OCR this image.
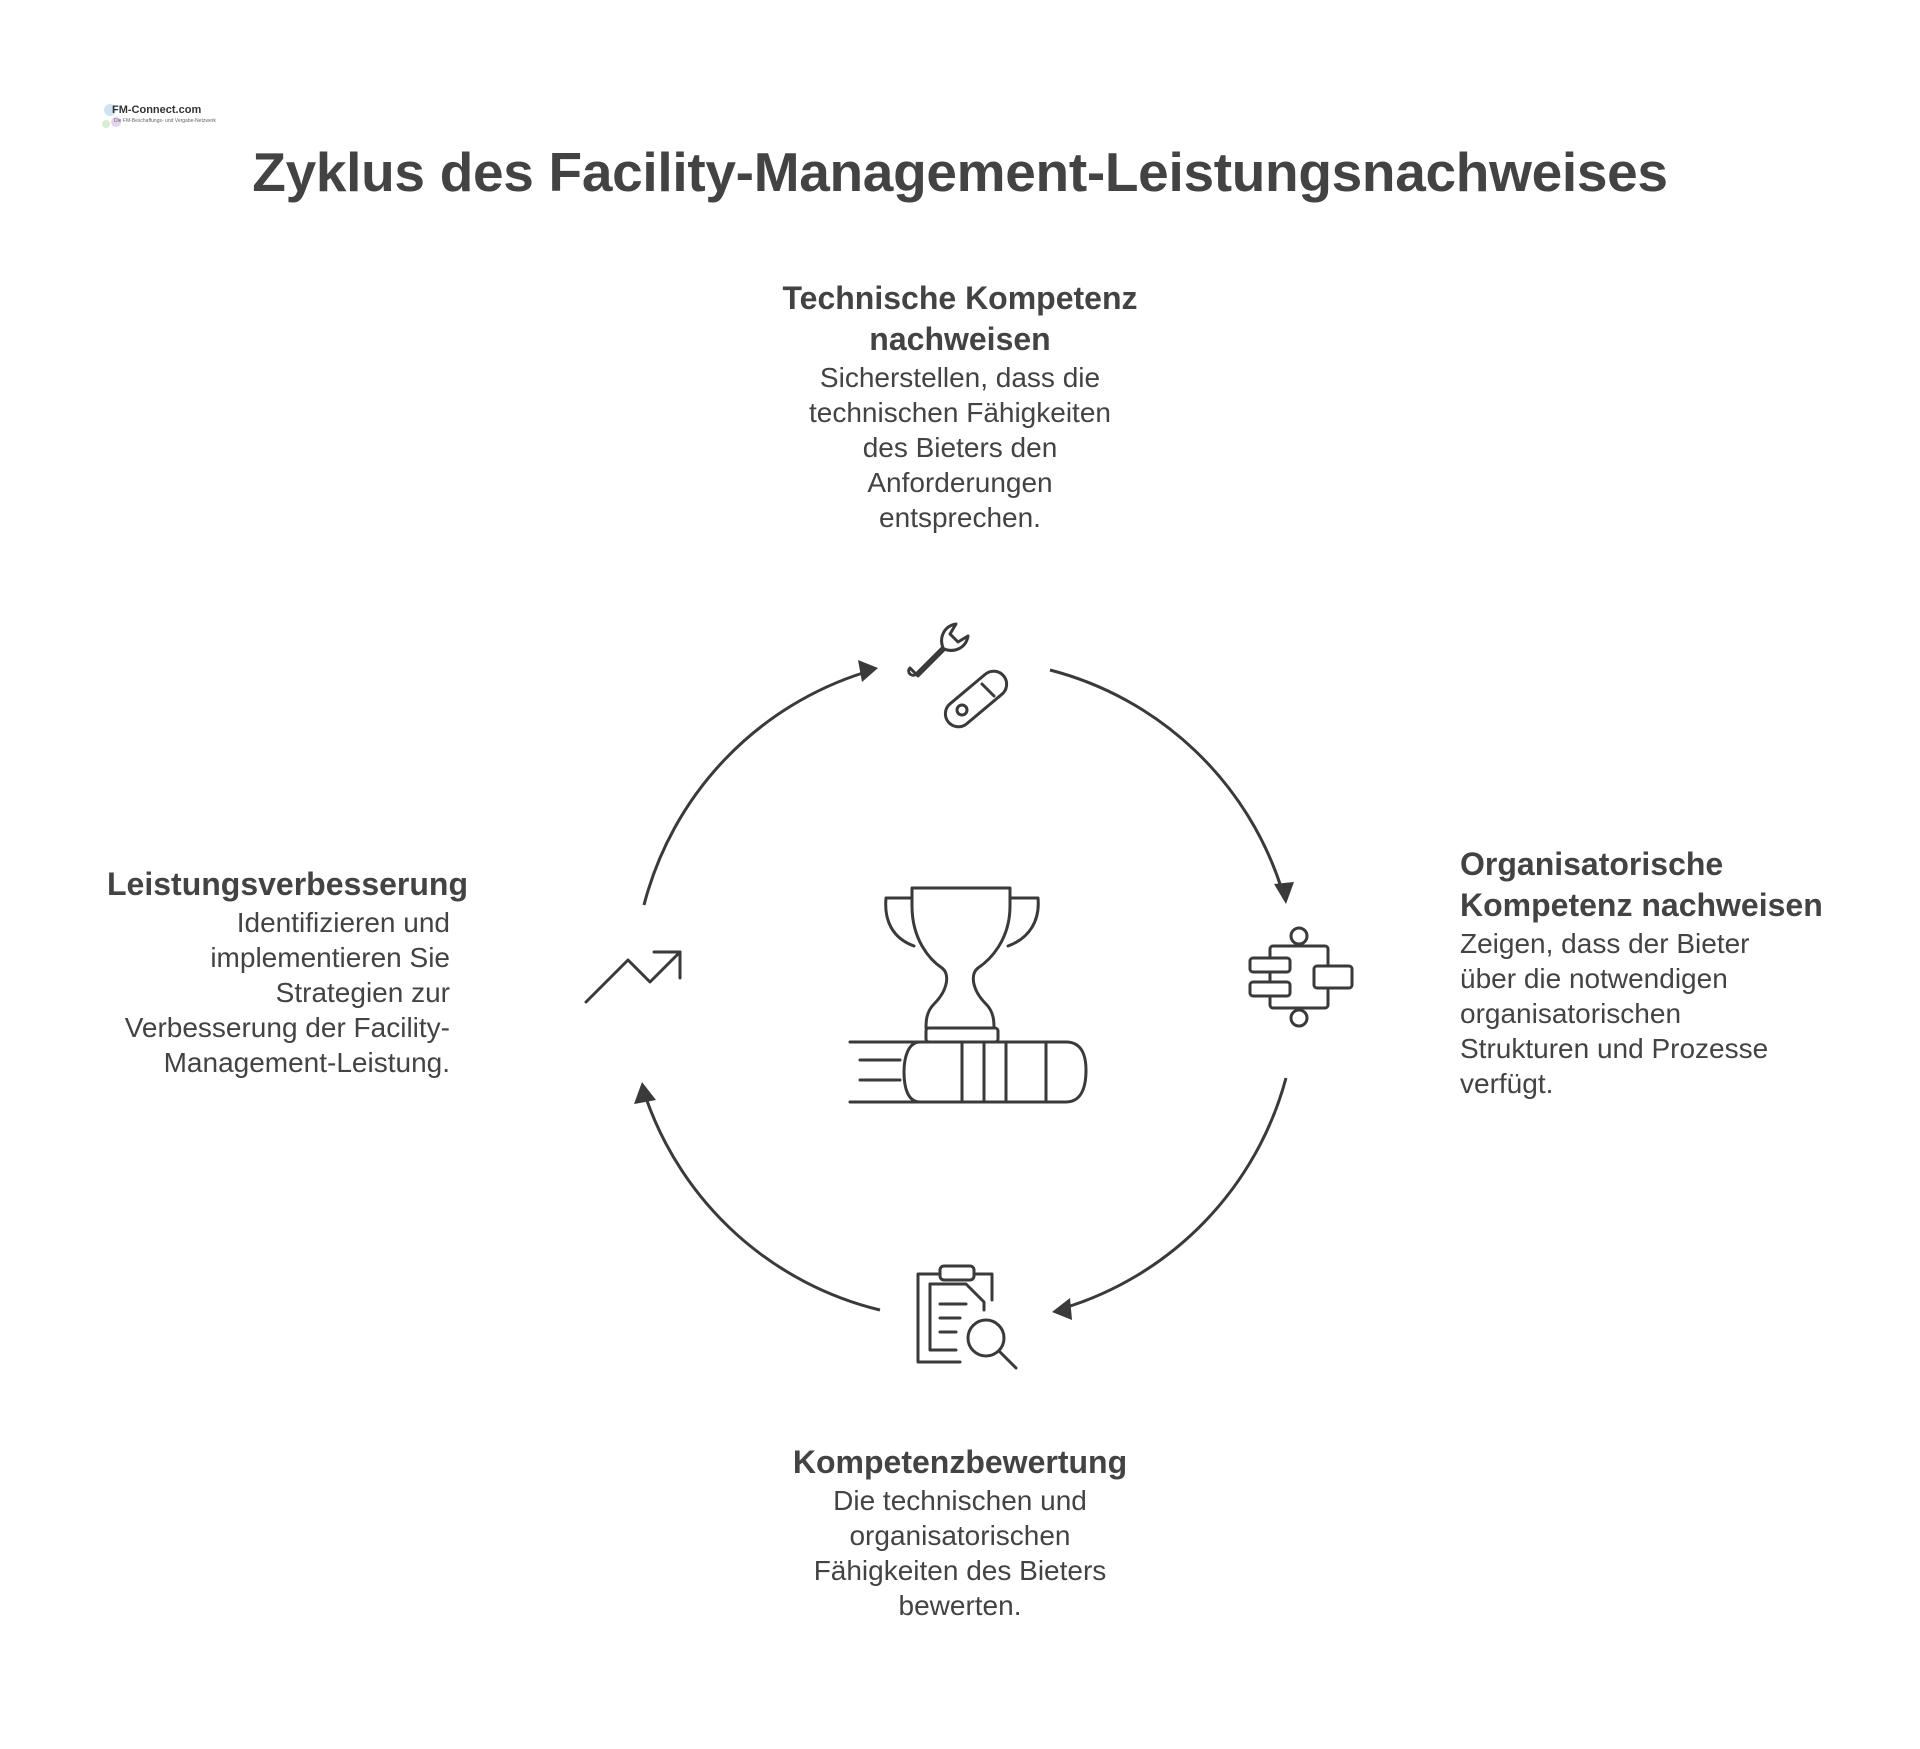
FM-Connect.com
Die FM-Beschaffungs- und Vergabe-Netzwerk
Zyklus des Facility-Management-Leistungsnachweises
Technische Kompetenz nachweisen
Sicherstellen, dass die
technischen Fähigkeiten
des Bieters den
Anforderungen
entsprechen.
Organisatorische Kompetenz nachweisen
Zeigen, dass der Bieter
über die notwendigen
organisatorischen
Strukturen und Prozesse
verfügt.
Kompetenzbewertung
Die technischen und
organisatorischen
Fähigkeiten des Bieters
bewerten.
Leistungsverbesserung
Identifizieren und
implementieren Sie
Strategien zur
Verbesserung der Facility-
Management-Leistung.
